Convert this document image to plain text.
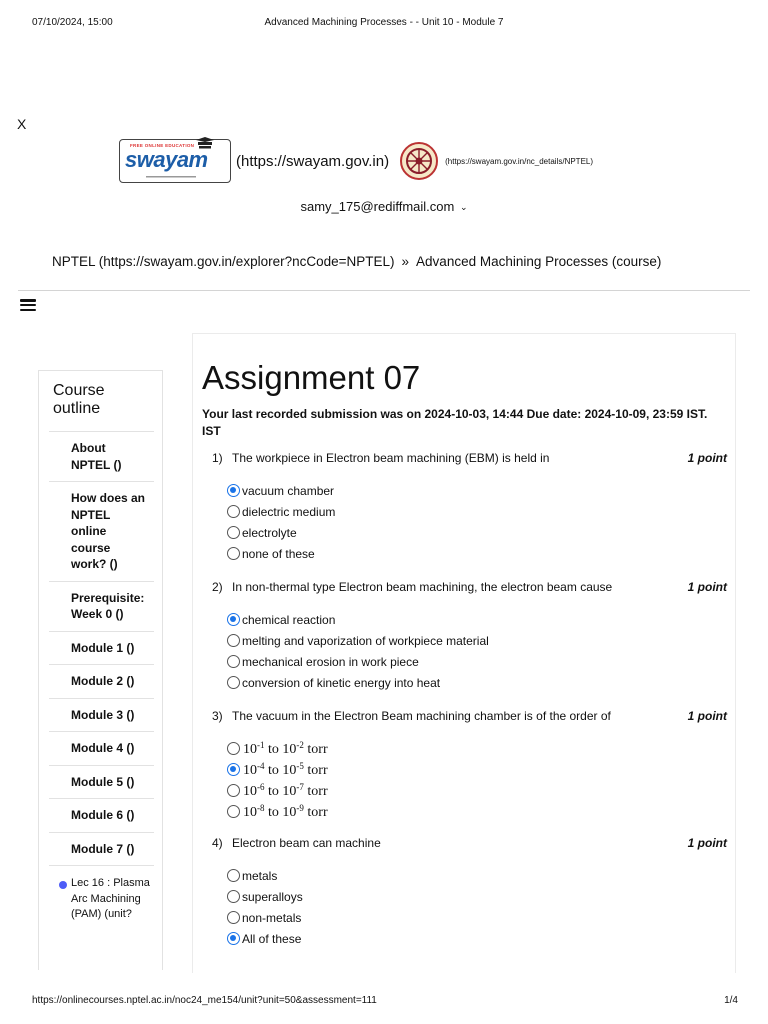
07/10/2024, 15:00	Advanced Machining Processes - - Unit 10 - Module 7
X
FREE ONLINE EDUCATION
swayam (https://swayam.gov.in)	(https://swayam.gov.in/nc_details/NPTEL)
samy_175@rediffmail.com ⌄
NPTEL (https://swayam.gov.in/explorer?ncCode=NPTEL) » Advanced Machining Processes (course)
Course outline
About NPTEL ()
How does an NPTEL online course work? ()
Prerequisite: Week 0 ()
Module 1 ()
Module 2 ()
Module 3 ()
Module 4 ()
Module 5 ()
Module 6 ()
Module 7 ()
Lec 16 : Plasma Arc Machining (PAM) (unit?
Assignment 07
Your last recorded submission was on 2024-10-03, 14:44 Due date: 2024-10-09, 23:59 IST.
IST
1) The workpiece in Electron beam machining (EBM) is held in	1 point
vacuum chamber
dielectric medium
electrolyte
none of these
2) In non-thermal type Electron beam machining, the electron beam cause	1 point
chemical reaction
melting and vaporization of workpiece material
mechanical erosion in work piece
conversion of kinetic energy into heat
3) The vacuum in the Electron Beam machining chamber is of the order of	1 point
$10^{-1}$ to $10^{-2}$ torr
$10^{-4}$ to $10^{-5}$ torr
$10^{-6}$ to $10^{-7}$ torr
$10^{-8}$ to $10^{-9}$ torr
4) Electron beam can machine	1 point
metals
superalloys
non-metals
All of these
https://onlinecourses.nptel.ac.in/noc24_me154/unit?unit=50&assessment=111	1/4
